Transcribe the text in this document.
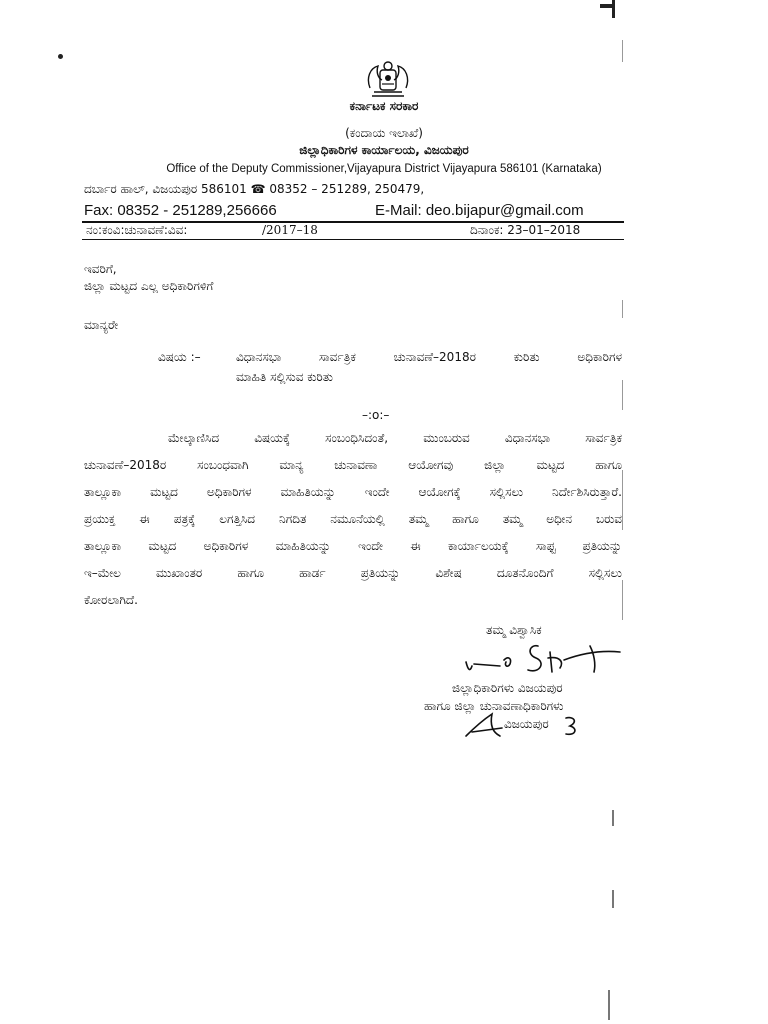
ಕರ್ನಾಟಕ ಸರಕಾರ
(ಕಂದಾಯ ಇಲಾಖೆ)
ಜಿಲ್ಲಾಧಿಕಾರಿಗಳ ಕಾರ್ಯಾಲಯ, ವಿಜಯಪುರ
Office of the Deputy Commissioner,Vijayapura District Vijayapura 586101 (Karnataka)
ದರ್ಬಾರ ಹಾಲ್, ವಿಜಯಪುರ 586101 ☎ 08352 – 251289, 250479,
Fax: 08352 - 251289,256666	E-Mail: deo.bijapur@gmail.com
ನಂ:ಕಂವಿ:ಚುನಾವಣೆ:ವಿವ:	/2017–18	ದಿನಾಂಕ: 23–01–2018
ಇವರಿಗೆ,
ಜಿಲ್ಲಾ ಮಟ್ಟದ ಎಲ್ಲ ಅಧಿಕಾರಿಗಳಿಗೆ
ಮಾನ್ಯರೇ
ವಿಷಯ :–	ವಿಧಾನಸಭಾ ಸಾರ್ವತ್ರಿಕ ಚುನಾವಣೆ–2018ರ ಕುರಿತು ಅಧಿಕಾರಿಗಳ
ಮಾಹಿತಿ ಸಲ್ಲಿಸುವ ಕುರಿತು
–:o:–
ಮೇಲ್ಕಾಣಿಸಿದ ವಿಷಯಕ್ಕೆ ಸಂಬಂಧಿಸಿದಂತೆ, ಮುಂಬರುವ ವಿಧಾನಸಭಾ ಸಾರ್ವತ್ರಿಕ
ಚುನಾವಣೆ–2018ರ ಸಂಬಂಧವಾಗಿ ಮಾನ್ಯ ಚುನಾವಣಾ ಆಯೋಗವು ಜಿಲ್ಲಾ ಮಟ್ಟದ ಹಾಗೂ
ತಾಲ್ಲೂಕಾ ಮಟ್ಟದ ಅಧಿಕಾರಿಗಳ ಮಾಹಿತಿಯನ್ನು ಇಂದೇ ಆಯೋಗಕ್ಕೆ ಸಲ್ಲಿಸಲು ನಿರ್ದೇಶಿಸಿರುತ್ತಾರೆ.
ಪ್ರಯುಕ್ತ ಈ ಪತ್ರಕ್ಕೆ ಲಗತ್ತಿಸಿದ ನಿಗದಿತ ನಮೂನೆಯಲ್ಲಿ ತಮ್ಮ ಹಾಗೂ ತಮ್ಮ ಅಧೀನ ಬರುವ
ತಾಲ್ಲೂಕಾ ಮಟ್ಟದ ಅಧಿಕಾರಿಗಳ ಮಾಹಿತಿಯನ್ನು ಇಂದೇ ಈ ಕಾರ್ಯಾಲಯಕ್ಕೆ ಸಾಫ್ಟ ಪ್ರತಿಯನ್ನು
ಇ–ಮೇಲ ಮುಖಾಂತರ ಹಾಗೂ ಹಾರ್ಡ ಪ್ರತಿಯನ್ನು ವಿಶೇಷ ದೂತನೊಂದಿಗೆ ಸಲ್ಲಿಸಲು
ಕೋರಲಾಗಿದೆ.
ತಮ್ಮ ವಿಶ್ವಾಸಿಕ
ಜಿಲ್ಲಾಧಿಕಾರಿಗಳು ವಿಜಯಪುರ
ಹಾಗೂ ಜಿಲ್ಲಾ ಚುನಾವಣಾಧಿಕಾರಿಗಳು
ವಿಜಯಪುರ
